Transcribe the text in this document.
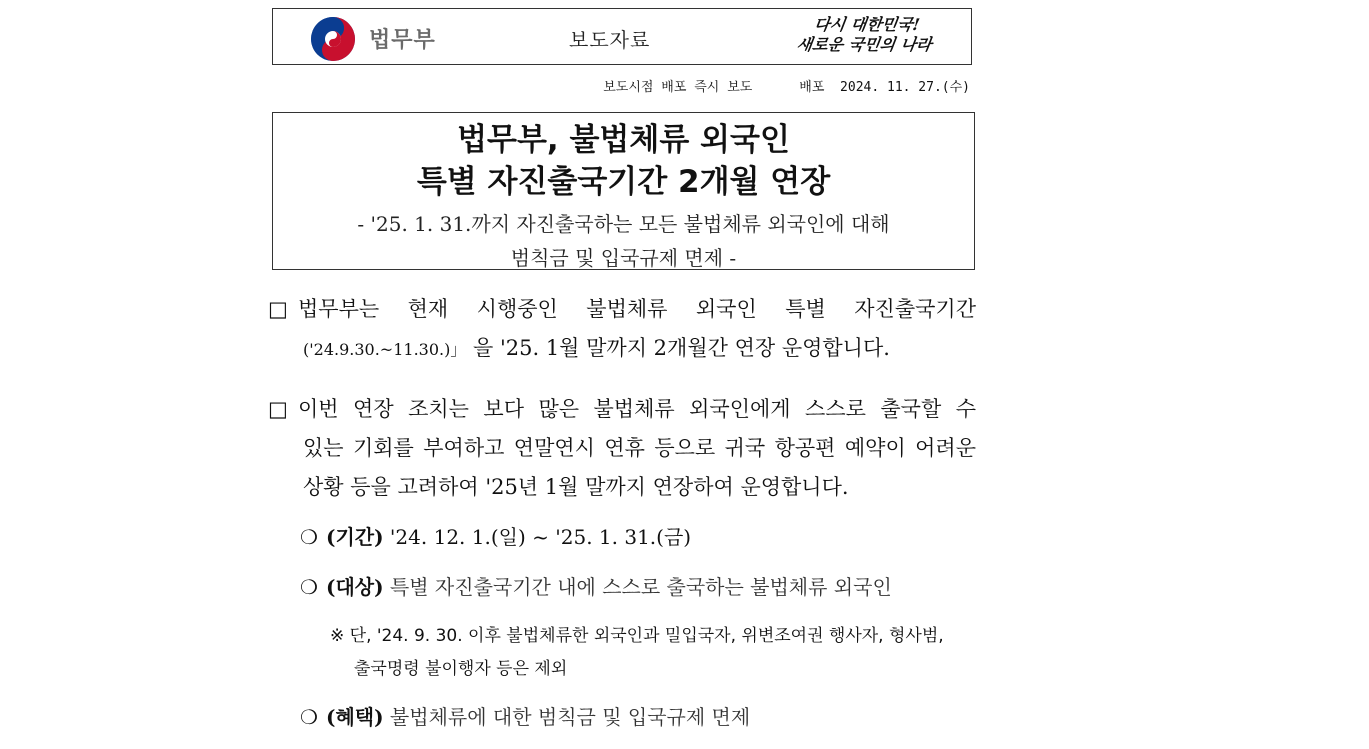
법무부	보도자료
다시 대한민국!
새로운 국민의 나라
보도시점 배포 즉시 보도      배포  2024. 11. 27.(수)
법무부, 불법체류 외국인
특별 자진출국기간 2개월 연장
- '25. 1. 31.까지 자진출국하는 모든 불법체류 외국인에 대해
범칙금 및 입국규제 면제 -
□ 법무부는  현재  시행중인  불법체류  외국인  특별  자진출국기간
('24.9.30.~11.30.)」 을 '25. 1월 말까지 2개월간 연장 운영합니다.
□ 이번 연장 조치는 보다 많은 불법체류 외국인에게 스스로 출국할 수
있는 기회를 부여하고 연말연시 연휴 등으로 귀국 항공편 예약이 어려운
상황 등을 고려하여 '25년 1월 말까지 연장하여 운영합니다.
❍ (기간) '24. 12. 1.(일) ~ '25. 1. 31.(금)
❍ (대상) 특별 자진출국기간 내에 스스로 출국하는 불법체류 외국인
※ 단, '24. 9. 30. 이후 불법체류한 외국인과 밀입국자, 위변조여권 행사자, 형사범,
출국명령 불이행자 등은 제외
❍ (혜택) 불법체류에 대한 범칙금 및 입국규제 면제
